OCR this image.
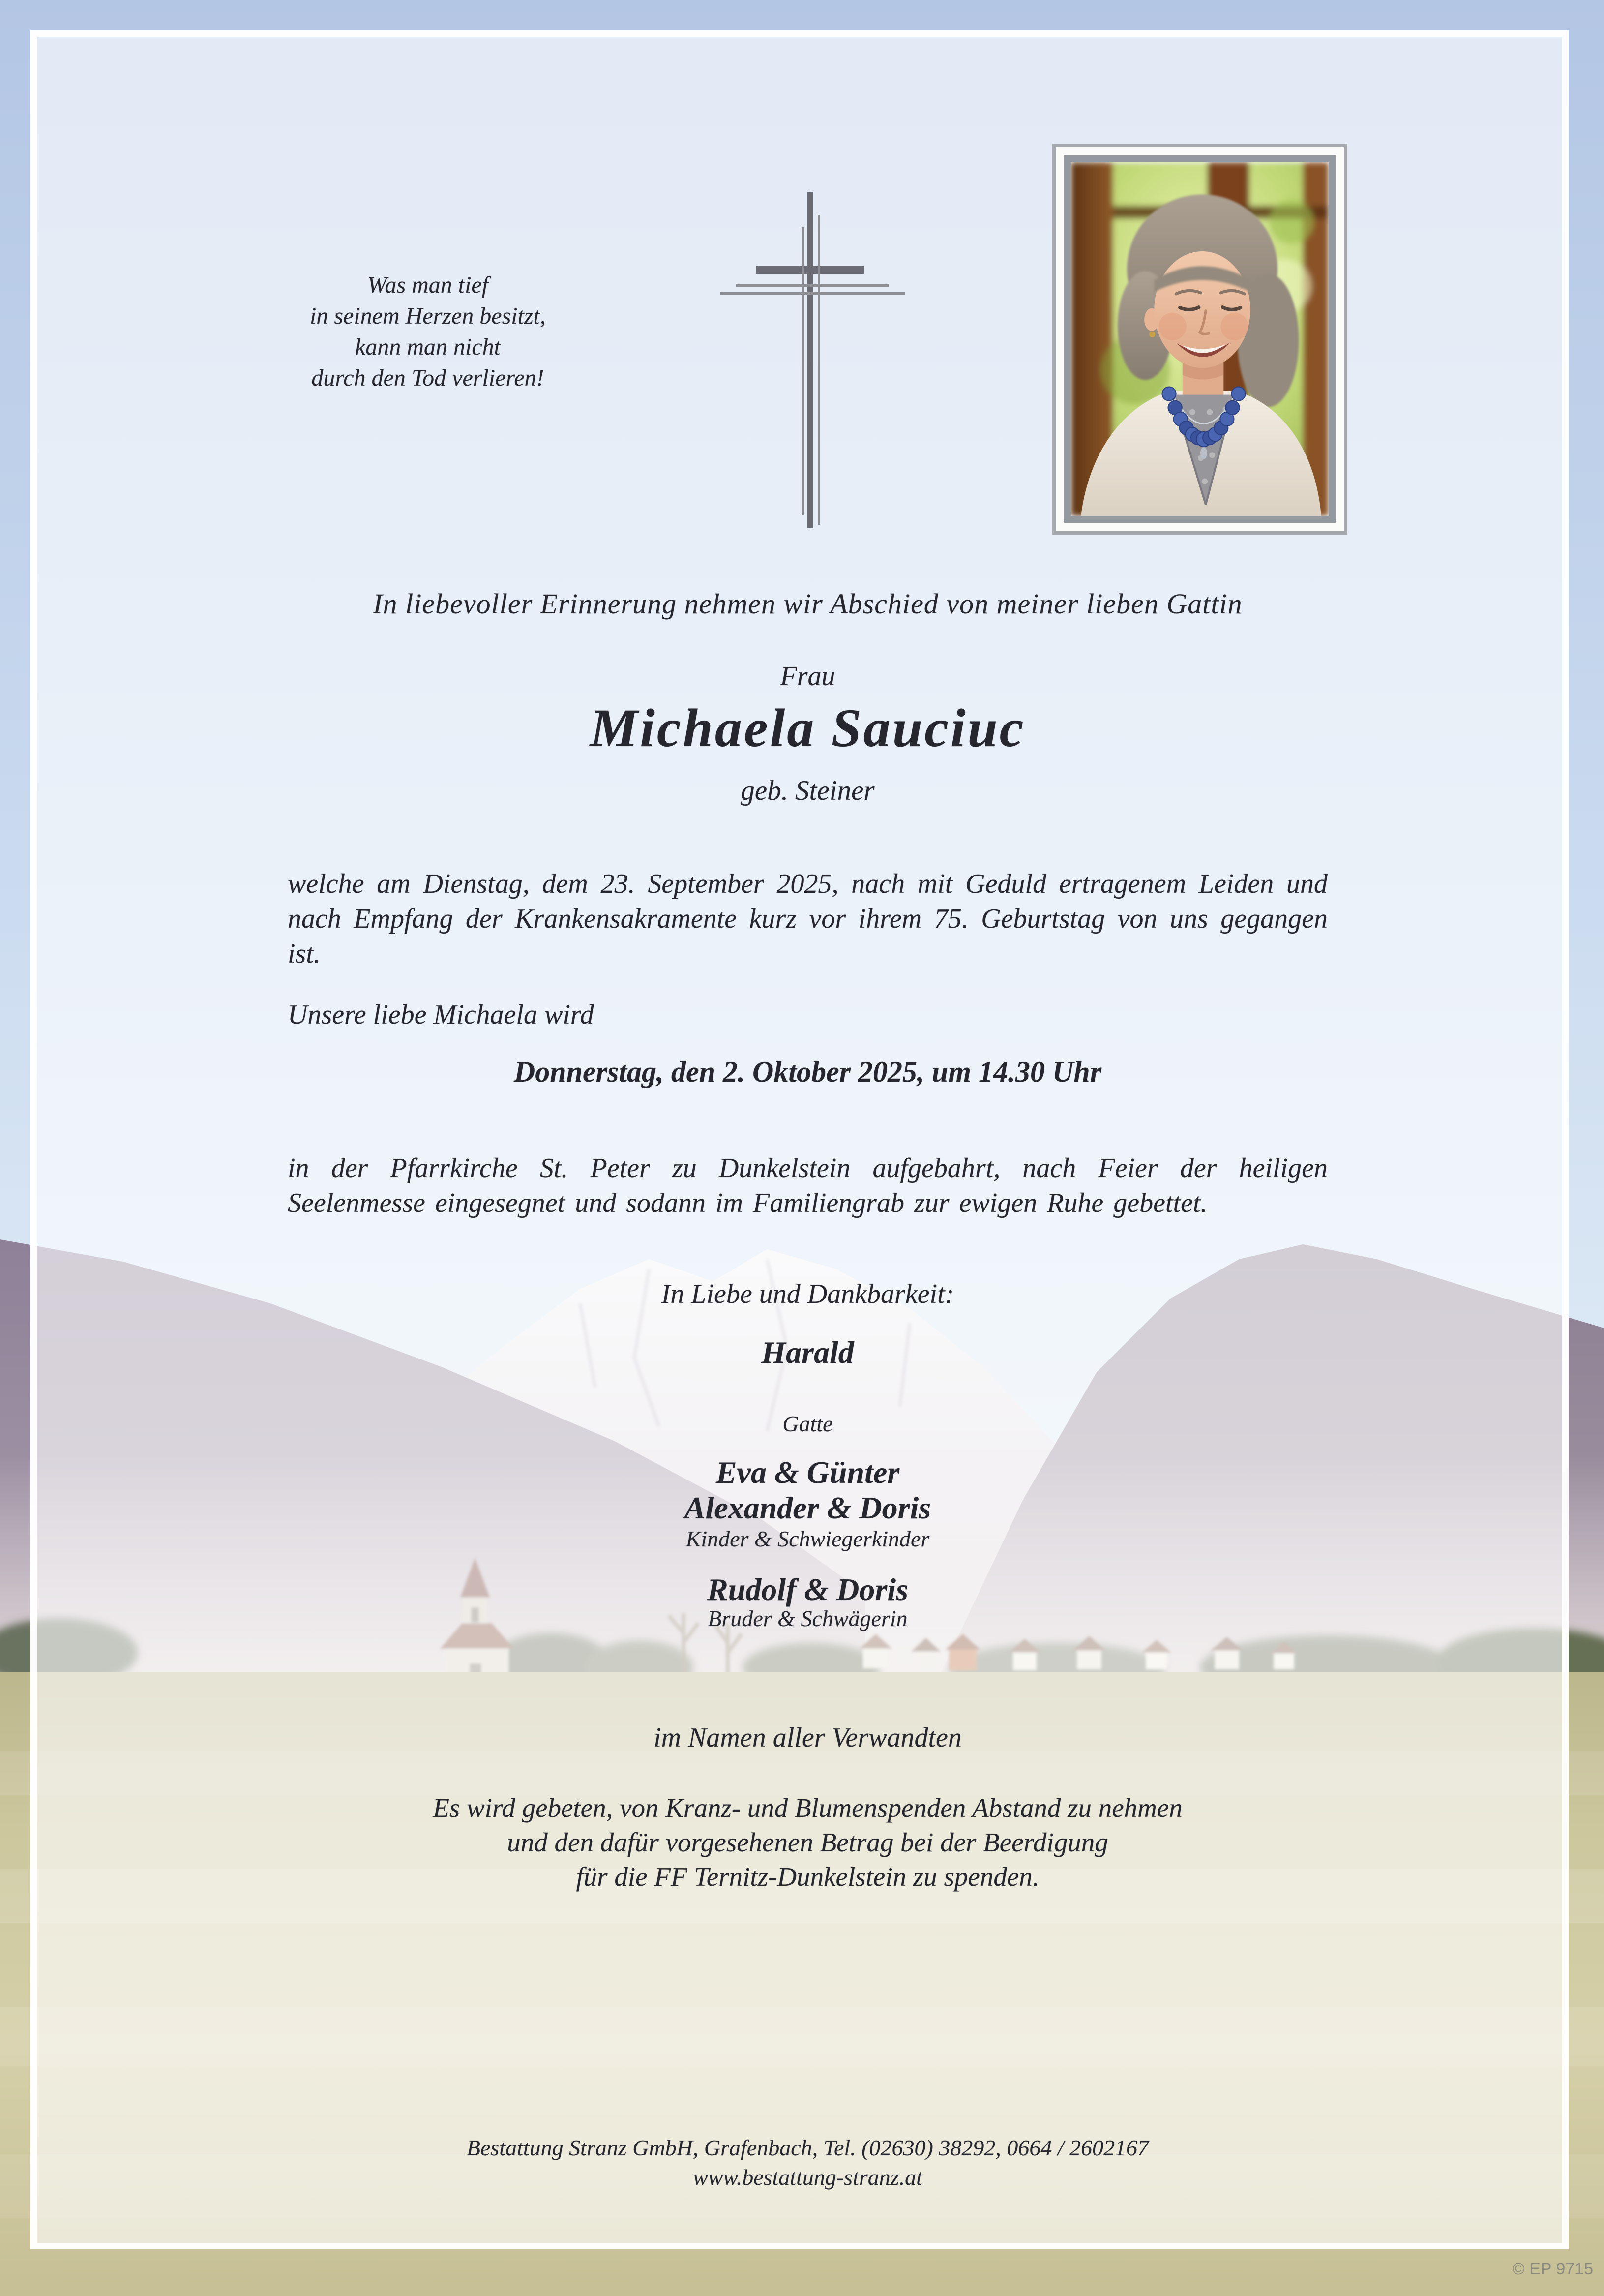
Was man tief
in seinem Herzen besitzt,
kann man nicht
durch den Tod verlieren!
In liebevoller Erinnerung nehmen wir Abschied von meiner lieben Gattin
Frau
Michaela Sauciuc
geb. Steiner
welche am Dienstag, dem 23. September 2025, nach mit Geduld ertragenem Leiden und nach Empfang der Krankensakramente kurz vor ihrem 75. Geburtstag von uns gegangen ist.
Unsere liebe Michaela wird
Donnerstag, den 2. Oktober 2025, um 14.30 Uhr
in der Pfarrkirche St. Peter zu Dunkelstein aufgebahrt, nach Feier der heiligen Seelenmesse eingesegnet und sodann im Familiengrab zur ewigen Ruhe gebettet.
In Liebe und Dankbarkeit:
Harald
Gatte
Eva & Günter
Alexander & Doris
Kinder & Schwiegerkinder
Rudolf & Doris
Bruder & Schwägerin
im Namen aller Verwandten
Es wird gebeten, von Kranz- und Blumenspenden Abstand zu nehmen
und den dafür vorgesehenen Betrag bei der Beerdigung
für die FF Ternitz-Dunkelstein zu spenden.
Bestattung Stranz GmbH, Grafenbach, Tel. (02630) 38292, 0664 / 2602167
www.bestattung-stranz.at
© EP 9715
